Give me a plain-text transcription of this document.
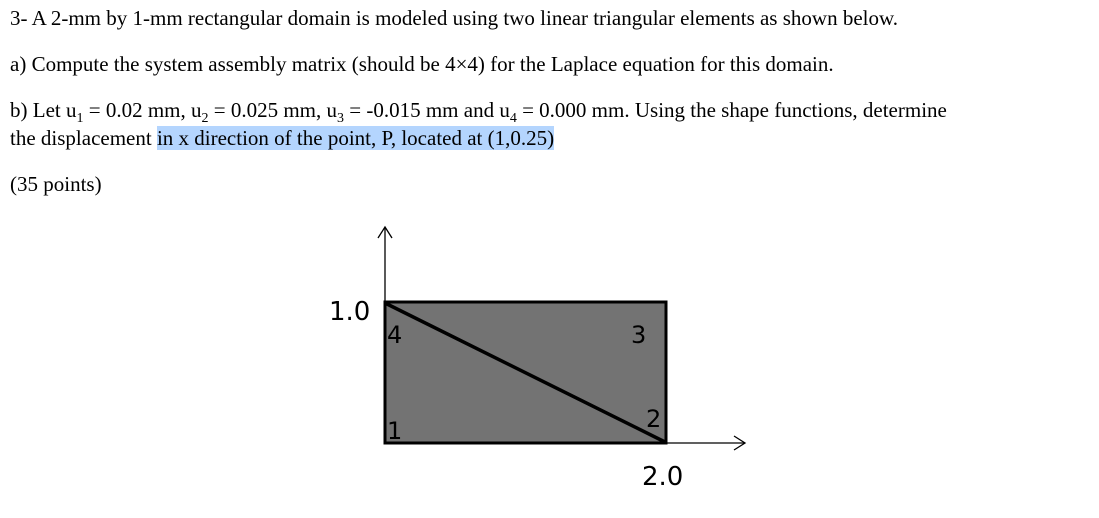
3- A 2-mm by 1-mm rectangular domain is modeled using two linear triangular elements as shown below.
a) Compute the system assembly matrix (should be 4×4) for the Laplace equation for this domain.
b) Let $u_1 = 0.02$ mm, $u_2 = 0.025$ mm, $u_3 = -0.015$ mm and $u_4 = 0.000$ mm. Using the shape functions, determine
the displacement in x direction of the point, P, located at (1,0.25)
(35 points)
1.0
2.0
1	2
3
4
